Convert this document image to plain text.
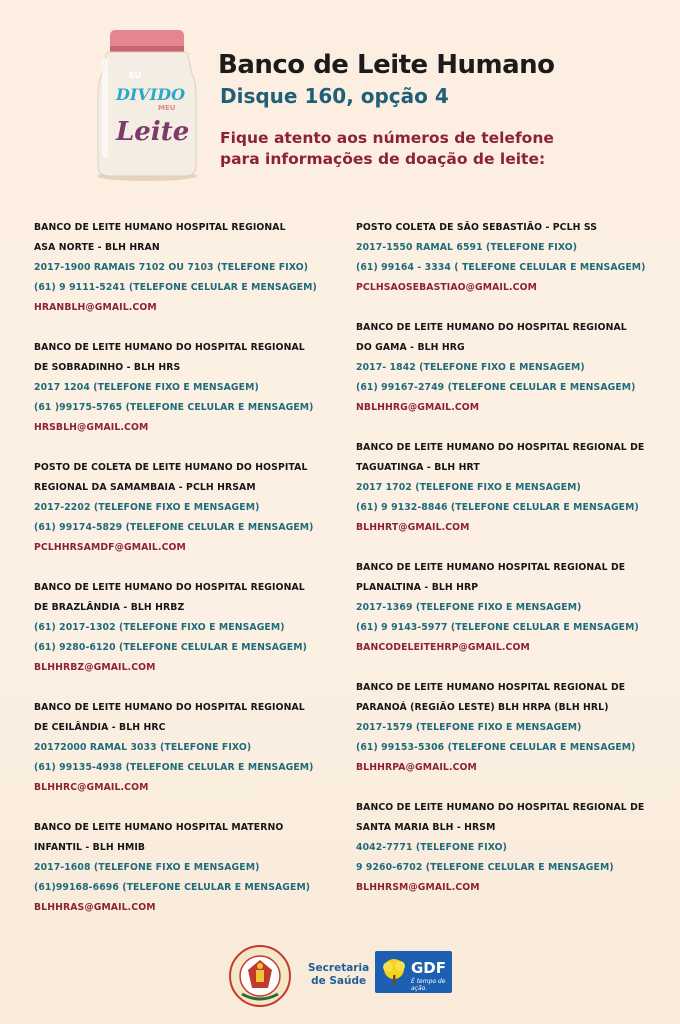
EU
DIVIDO
MEU
Leite
Banco de Leite Humano
Disque 160, opção 4
Fique atento aos números de telefone
para informações de doação de leite:
BANCO DE LEITE HUMANO HOSPITAL REGIONAL
ASA NORTE - BLH HRAN
2017-1900 RAMAIS 7102 OU 7103 (TELEFONE FIXO)
(61) 9 9111-5241 (TELEFONE CELULAR E MENSAGEM)
HRANBLH@GMAIL.COM
BANCO DE LEITE HUMANO DO HOSPITAL REGIONAL
DE SOBRADINHO - BLH HRS
2017 1204 (TELEFONE FIXO E MENSAGEM)
(61 )99175-5765 (TELEFONE CELULAR E MENSAGEM)
HRSBLH@GMAIL.COM
POSTO DE COLETA DE LEITE HUMANO DO HOSPITAL
REGIONAL DA SAMAMBAIA - PCLH HRSAM
2017-2202 (TELEFONE FIXO E MENSAGEM)
(61) 99174-5829 (TELEFONE CELULAR E MENSAGEM)
PCLHHRSAMDF@GMAIL.COM
BANCO DE LEITE HUMANO DO HOSPITAL REGIONAL
DE BRAZLÂNDIA - BLH HRBZ
(61) 2017-1302 (TELEFONE FIXO E MENSAGEM)
(61) 9280-6120 (TELEFONE CELULAR E MENSAGEM)
BLHHRBZ@GMAIL.COM
BANCO DE LEITE HUMANO DO HOSPITAL REGIONAL
DE CEILÂNDIA - BLH HRC
20172000 RAMAL 3033 (TELEFONE FIXO)
(61) 99135-4938 (TELEFONE CELULAR E MENSAGEM)
BLHHRC@GMAIL.COM
BANCO DE LEITE HUMANO HOSPITAL MATERNO
INFANTIL - BLH HMIB
2017-1608 (TELEFONE FIXO E MENSAGEM)
(61)99168-6696 (TELEFONE CELULAR E MENSAGEM)
BLHHRAS@GMAIL.COM
POSTO COLETA DE SÃO SEBASTIÃO - PCLH SS
2017-1550 RAMAL 6591 (TELEFONE FIXO)
(61) 99164 - 3334 ( TELEFONE CELULAR E MENSAGEM)
PCLHSAOSEBASTIAO@GMAIL.COM
BANCO DE LEITE HUMANO DO HOSPITAL REGIONAL
DO GAMA - BLH HRG
2017- 1842 (TELEFONE FIXO E MENSAGEM)
(61) 99167-2749 (TELEFONE CELULAR E MENSAGEM)
NBLHHRG@GMAIL.COM
BANCO DE LEITE HUMANO DO HOSPITAL REGIONAL DE
TAGUATINGA - BLH HRT
2017 1702 (TELEFONE FIXO E MENSAGEM)
(61) 9 9132-8846 (TELEFONE CELULAR E MENSAGEM)
BLHHRT@GMAIL.COM
BANCO DE LEITE HUMANO HOSPITAL REGIONAL DE
PLANALTINA - BLH HRP
2017-1369 (TELEFONE FIXO E MENSAGEM)
(61) 9 9143-5977 (TELEFONE CELULAR E MENSAGEM)
BANCODELEITEHRP@GMAIL.COM
BANCO DE LEITE HUMANO HOSPITAL REGIONAL DE
PARANOÁ (REGIÃO LESTE) BLH HRPA (BLH HRL)
2017-1579 (TELEFONE FIXO E MENSAGEM)
(61) 99153-5306 (TELEFONE CELULAR E MENSAGEM)
BLHHRPA@GMAIL.COM
BANCO DE LEITE HUMANO DO HOSPITAL REGIONAL DE
SANTA MARIA BLH - HRSM
4042-7771 (TELEFONE FIXO)
9 9260-6702 (TELEFONE CELULAR E MENSAGEM)
BLHHRSM@GMAIL.COM
Secretaria
de Saúde
GDF
É tempo de ação.
